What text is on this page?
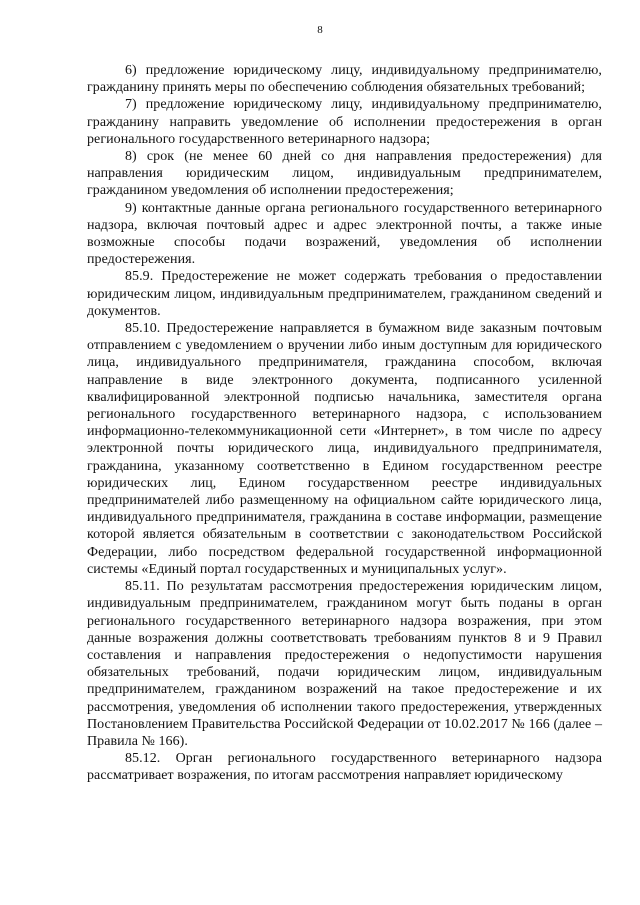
8

6) предложение юридическому лицу, индивидуальному предпринимателю, гражданину принять меры по обеспечению соблюдения обязательных требований;

7) предложение юридическому лицу, индивидуальному предпринимателю, гражданину направить уведомление об исполнении предостережения в орган регионального государственного ветеринарного надзора;

8) срок (не менее 60 дней со дня направления предостережения) для направления юридическим лицом, индивидуальным предпринимателем, гражданином уведомления об исполнении предостережения;

9) контактные данные органа регионального государственного ветеринарного надзора, включая почтовый адрес и адрес электронной почты, а также иные возможные способы подачи возражений, уведомления об исполнении предостережения.

85.9. Предостережение не может содержать требования о предоставлении юридическим лицом, индивидуальным предпринимателем, гражданином сведений и документов.

85.10. Предостережение направляется в бумажном виде заказным почтовым отправлением с уведомлением о вручении либо иным доступным для юридического лица, индивидуального предпринимателя, гражданина способом, включая направление в виде электронного документа, подписанного усиленной квалифицированной электронной подписью начальника, заместителя органа регионального государственного ветеринарного надзора, с использованием информационно-телекоммуникационной сети «Интернет», в том числе по адресу электронной почты юридического лица, индивидуального предпринимателя, гражданина, указанному соответственно в Едином государственном реестре юридических лиц, Едином государственном реестре индивидуальных предпринимателей либо размещенному на официальном сайте юридического лица, индивидуального предпринимателя, гражданина в составе информации, размещение которой является обязательным в соответствии с законодательством Российской Федерации, либо посредством федеральной государственной информационной системы «Единый портал государственных и муниципальных услуг».

85.11. По результатам рассмотрения предостережения юридическим лицом, индивидуальным предпринимателем, гражданином могут быть поданы в орган регионального государственного ветеринарного надзора возражения, при этом данные возражения должны соответствовать требованиям пунктов 8 и 9 Правил составления и направления предостережения о недопустимости нарушения обязательных требований, подачи юридическим лицом, индивидуальным предпринимателем, гражданином возражений на такое предостережение и их рассмотрения, уведомления об исполнении такого предостережения, утвержденных Постановлением Правительства Российской Федерации от 10.02.2017 № 166 (далее – Правила № 166).

85.12. Орган регионального государственного ветеринарного надзора рассматривает возражения, по итогам рассмотрения направляет юридическому
